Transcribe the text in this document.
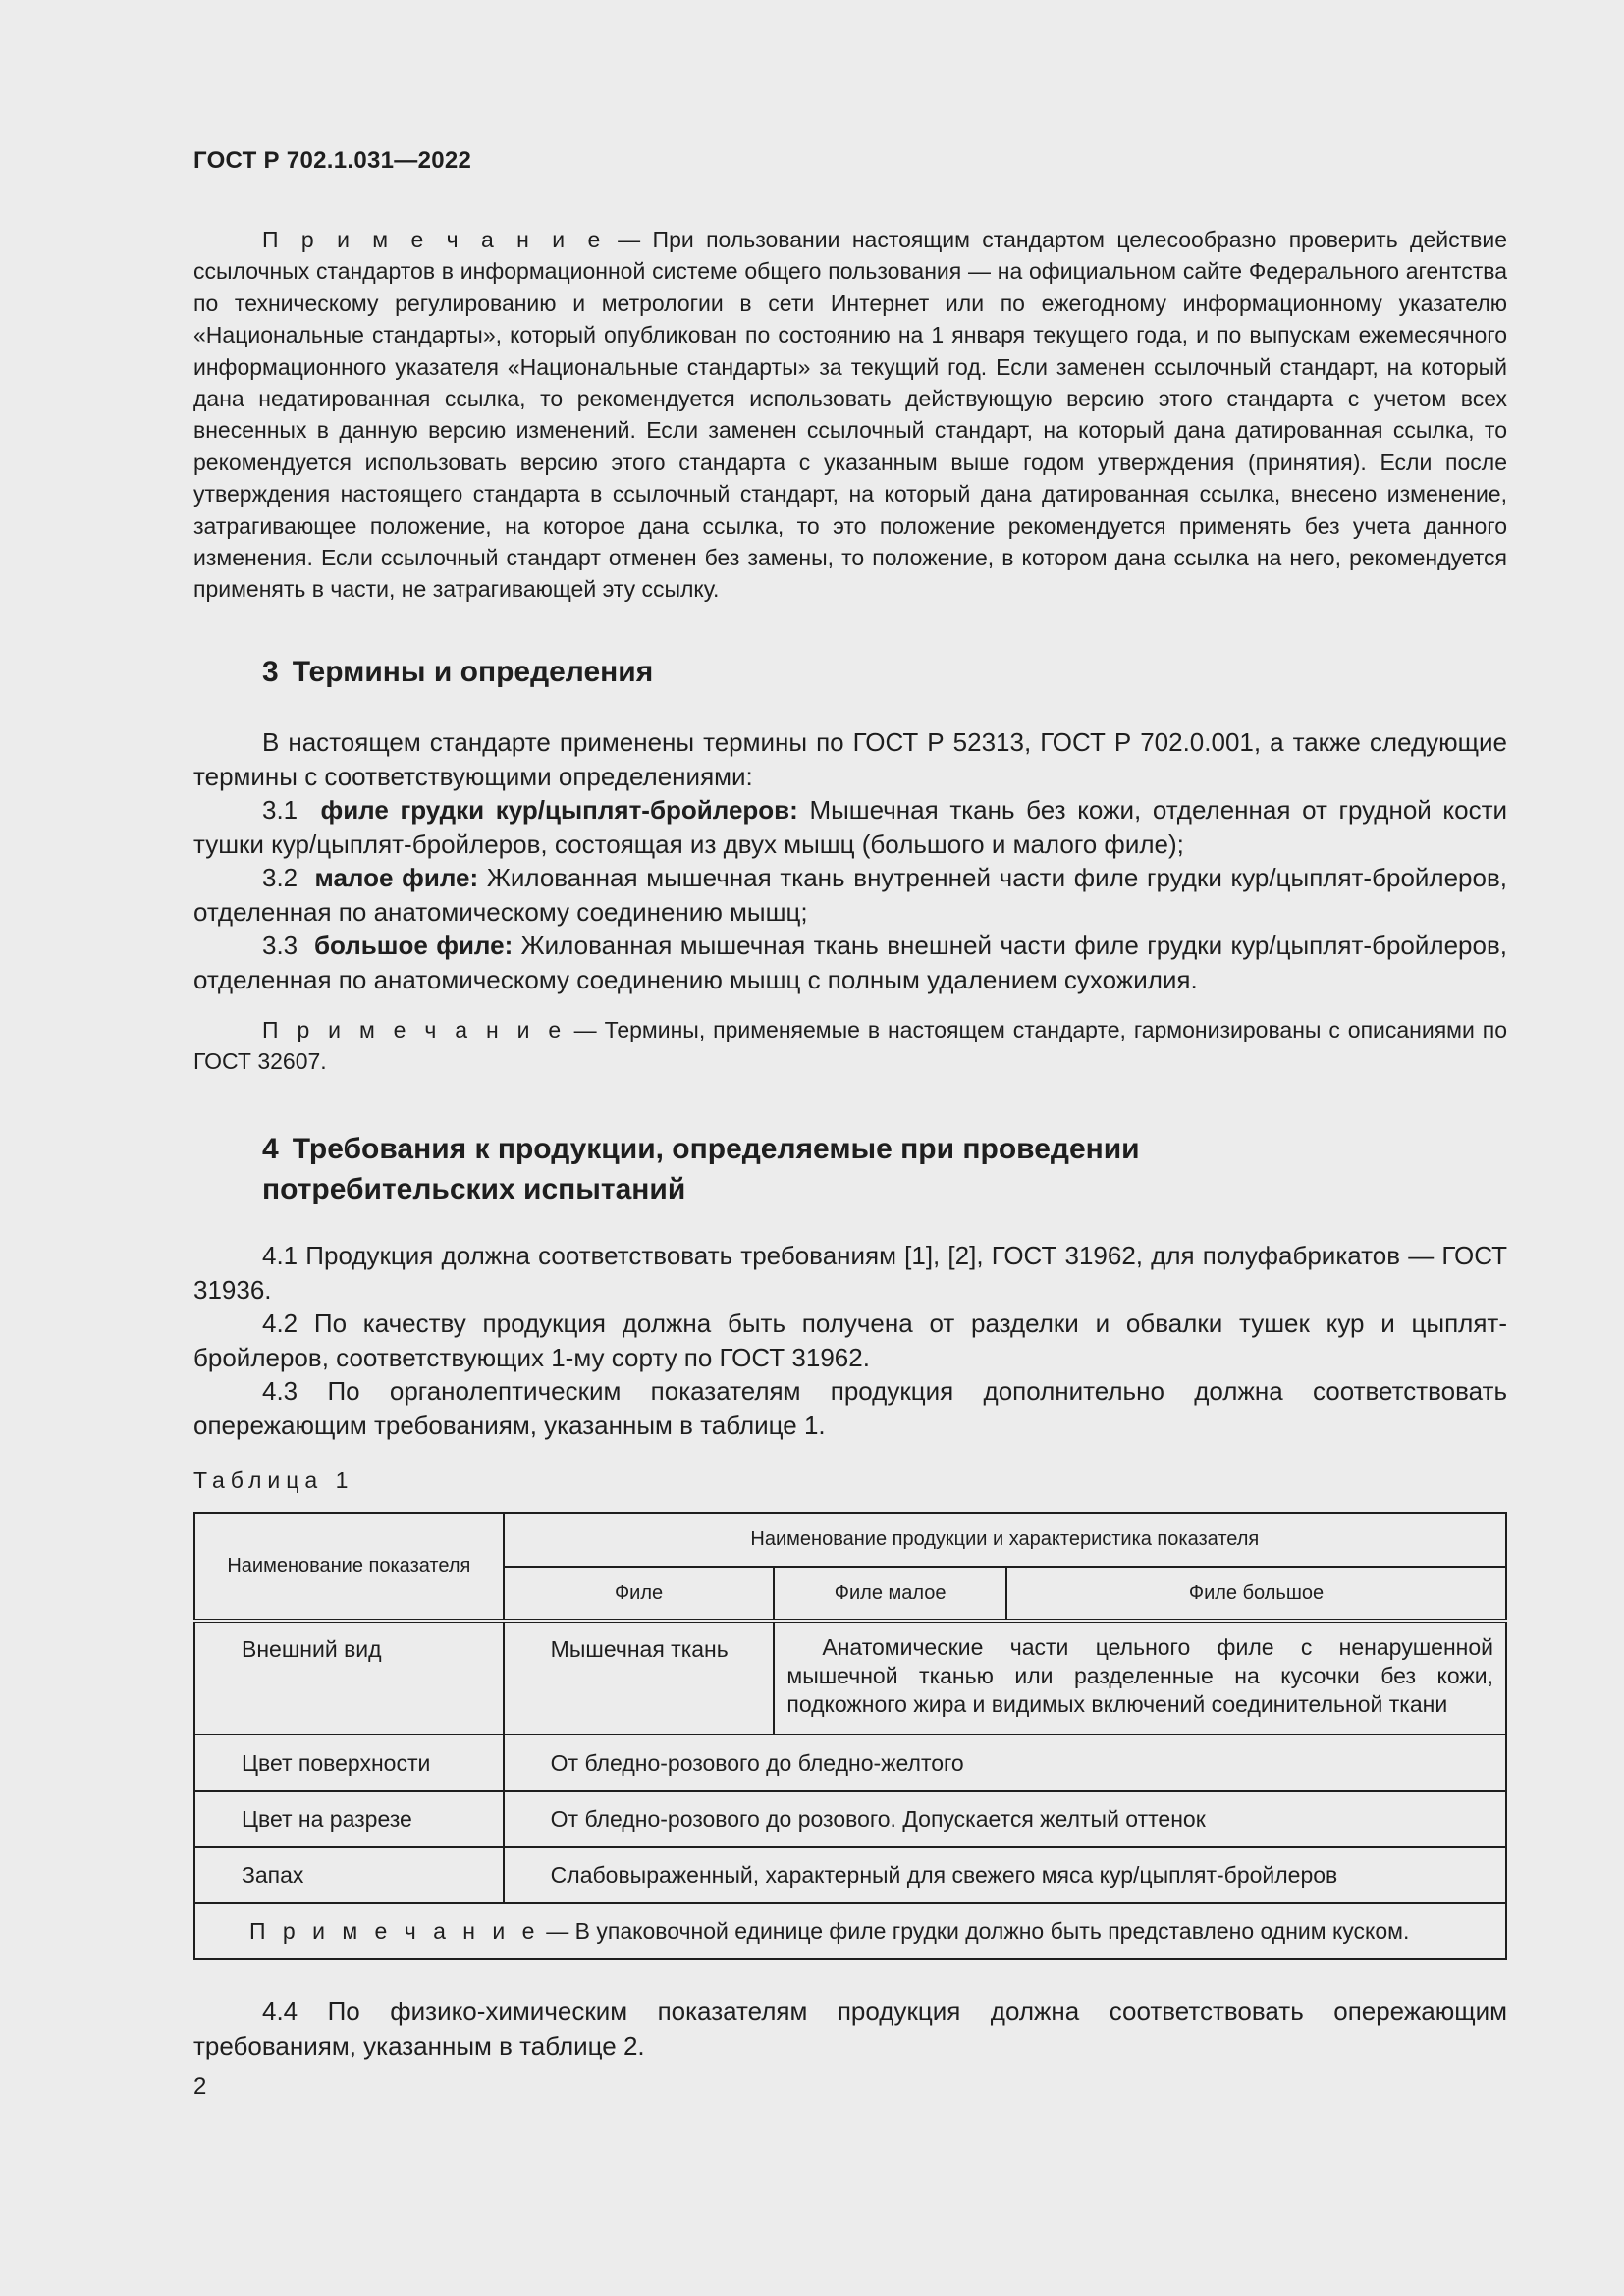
ГОСТ Р 702.1.031—2022

П р и м е ч а н и е — При пользовании настоящим стандартом целесообразно проверить действие ссылочных стандартов в информационной системе общего пользования — на официальном сайте Федерального агентства по техническому регулированию и метрологии в сети Интернет или по ежегодному информационному указателю «Национальные стандарты», который опубликован по состоянию на 1 января текущего года, и по выпускам ежемесячного информационного указателя «Национальные стандарты» за текущий год. Если заменен ссылочный стандарт, на который дана недатированная ссылка, то рекомендуется использовать действующую версию этого стандарта с учетом всех внесенных в данную версию изменений. Если заменен ссылочный стандарт, на который дана датированная ссылка, то рекомендуется использовать версию этого стандарта с указанным выше годом утверждения (принятия). Если после утверждения настоящего стандарта в ссылочный стандарт, на который дана датированная ссылка, внесено изменение, затрагивающее положение, на которое дана ссылка, то это положение рекомендуется применять без учета данного изменения. Если ссылочный стандарт отменен без замены, то положение, в котором дана ссылка на него, рекомендуется применять в части, не затрагивающей эту ссылку.

3 Термины и определения

В настоящем стандарте применены термины по ГОСТ Р 52313, ГОСТ Р 702.0.001, а также следующие термины с соответствующими определениями:

3.1 филе грудки кур/цыплят-бройлеров: Мышечная ткань без кожи, отделенная от грудной кости тушки кур/цыплят-бройлеров, состоящая из двух мышц (большого и малого филе);

3.2 малое филе: Жилованная мышечная ткань внутренней части филе грудки кур/цыплят-бройлеров, отделенная по анатомическому соединению мышц;

3.3 большое филе: Жилованная мышечная ткань внешней части филе грудки кур/цыплят-бройлеров, отделенная по анатомическому соединению мышц с полным удалением сухожилия.

П р и м е ч а н и е — Термины, применяемые в настоящем стандарте, гармонизированы с описаниями по ГОСТ 32607.

4 Требования к продукции, определяемые при проведении
потребительских испытаний

4.1 Продукция должна соответствовать требованиям [1], [2], ГОСТ 31962, для полуфабрикатов — ГОСТ 31936.

4.2 По качеству продукция должна быть получена от разделки и обвалки тушек кур и цыплят-бройлеров, соответствующих 1-му сорту по ГОСТ 31962.

4.3 По органолептическим показателям продукция дополнительно должна соответствовать опережающим требованиям, указанным в таблице 1.

Таблица 1
Наименование показателя	Наименование продукции и характеристика показателя		
	Филе	Филе малое	Филе большое
Внешний вид	Мышечная ткань	Анатомические части цельного филе с ненарушенной мышечной тканью или разделенные на кусочки без кожи, подкожного жира и видимых включений соединительной ткани	
Цвет поверхности	От бледно-розового до бледно-желтого		
Цвет на разрезе	От бледно-розового до розового. Допускается желтый оттенок		
Запах	Слабовыраженный, характерный для свежего мяса кур/цыплят-бройлеров		
П р и м е ч а н и е — В упаковочной единице филе грудки должно быть представлено одним куском.			

4.4 По физико-химическим показателям продукция должна соответствовать опережающим требованиям, указанным в таблице 2.

2
